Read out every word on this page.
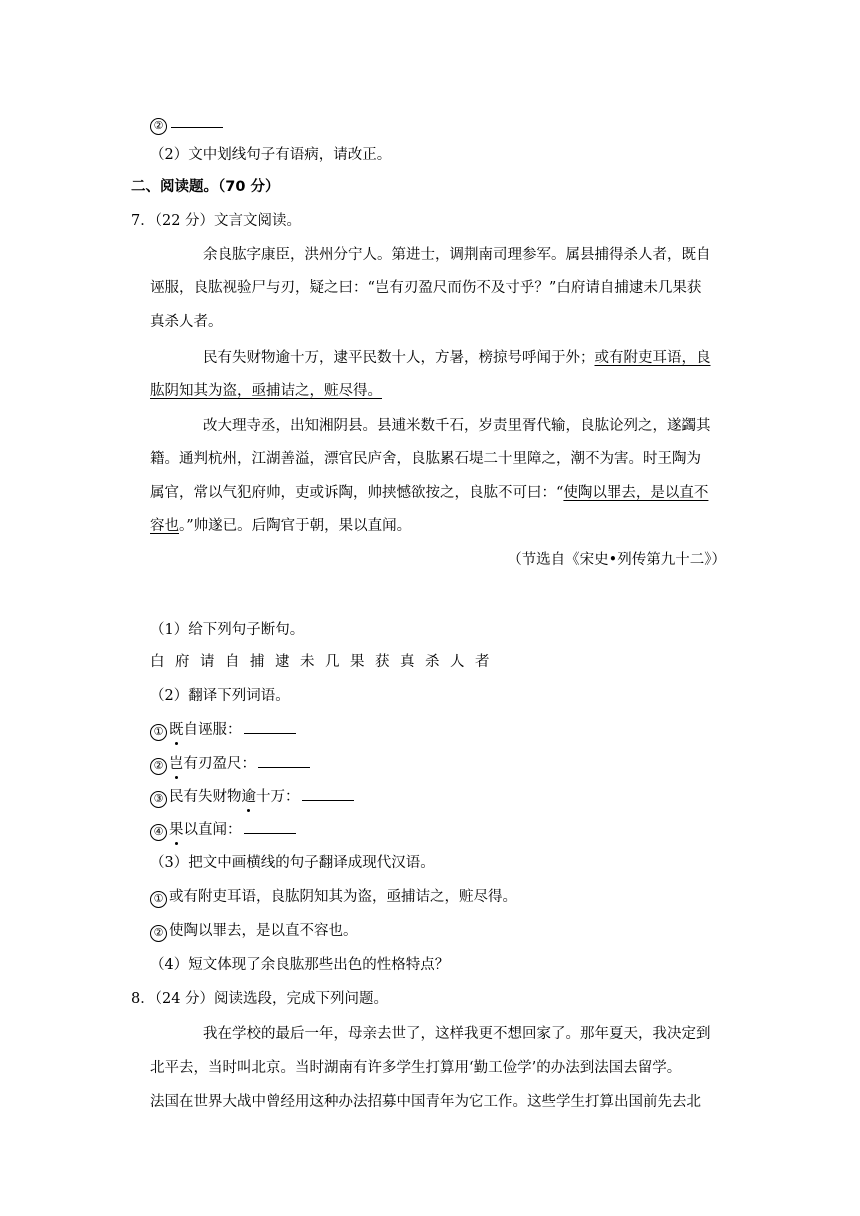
②
（2）文中划线句子有语病，请改正。
二、阅读题。（70 分）
7．（22 分）文言文阅读。
余良肱字康臣，洪州分宁人。第进士，调荆南司理参军。属县捕得杀人者，既自
诬服，良肱视验尸与刃，疑之曰：“岂有刃盈尺而伤不及寸乎？”白府请自捕逮未几果获
真杀人者。
民有失财物逾十万，逮平民数十人，方暑，榜掠号呼闻于外；或有附吏耳语，良
肱阴知其为盗，亟捕诘之，赃尽得。
改大理寺丞，出知湘阴县。县逋米数千石，岁责里胥代输，良肱论列之，遂蠲其
籍。通判杭州，江湖善溢，漂官民庐舍，良肱累石堤二十里障之，潮不为害。时王陶为
属官，常以气犯府帅，吏或诉陶，帅挟憾欲按之，良肱不可曰：“使陶以罪去，是以直不
容也。”帅遂已。后陶官于朝，果以直闻。
（节选自《宋史•列传第九十二》）
（1）给下列句子断句。
白 府 请 自 捕 逮 未 几 果 获 真 杀 人 者
（2）翻译下列词语。
① 既自诬服：
② 岂有刃盈尺：
③ 民有失财物逾十万：
④ 果以直闻：
（3）把文中画横线的句子翻译成现代汉语。
① 或有附吏耳语，良肱阴知其为盗，亟捕诘之，赃尽得。
② 使陶以罪去，是以直不容也。
（4）短文体现了余良肱那些出色的性格特点？
8．（24 分）阅读选段，完成下列问题。
我在学校的最后一年，母亲去世了，这样我更不想回家了。那年夏天，我决定到
北平去，当时叫北京。当时湖南有许多学生打算用‘勤工俭学’的办法到法国去留学。
法国在世界大战中曾经用这种办法招募中国青年为它工作。这些学生打算出国前先去北
